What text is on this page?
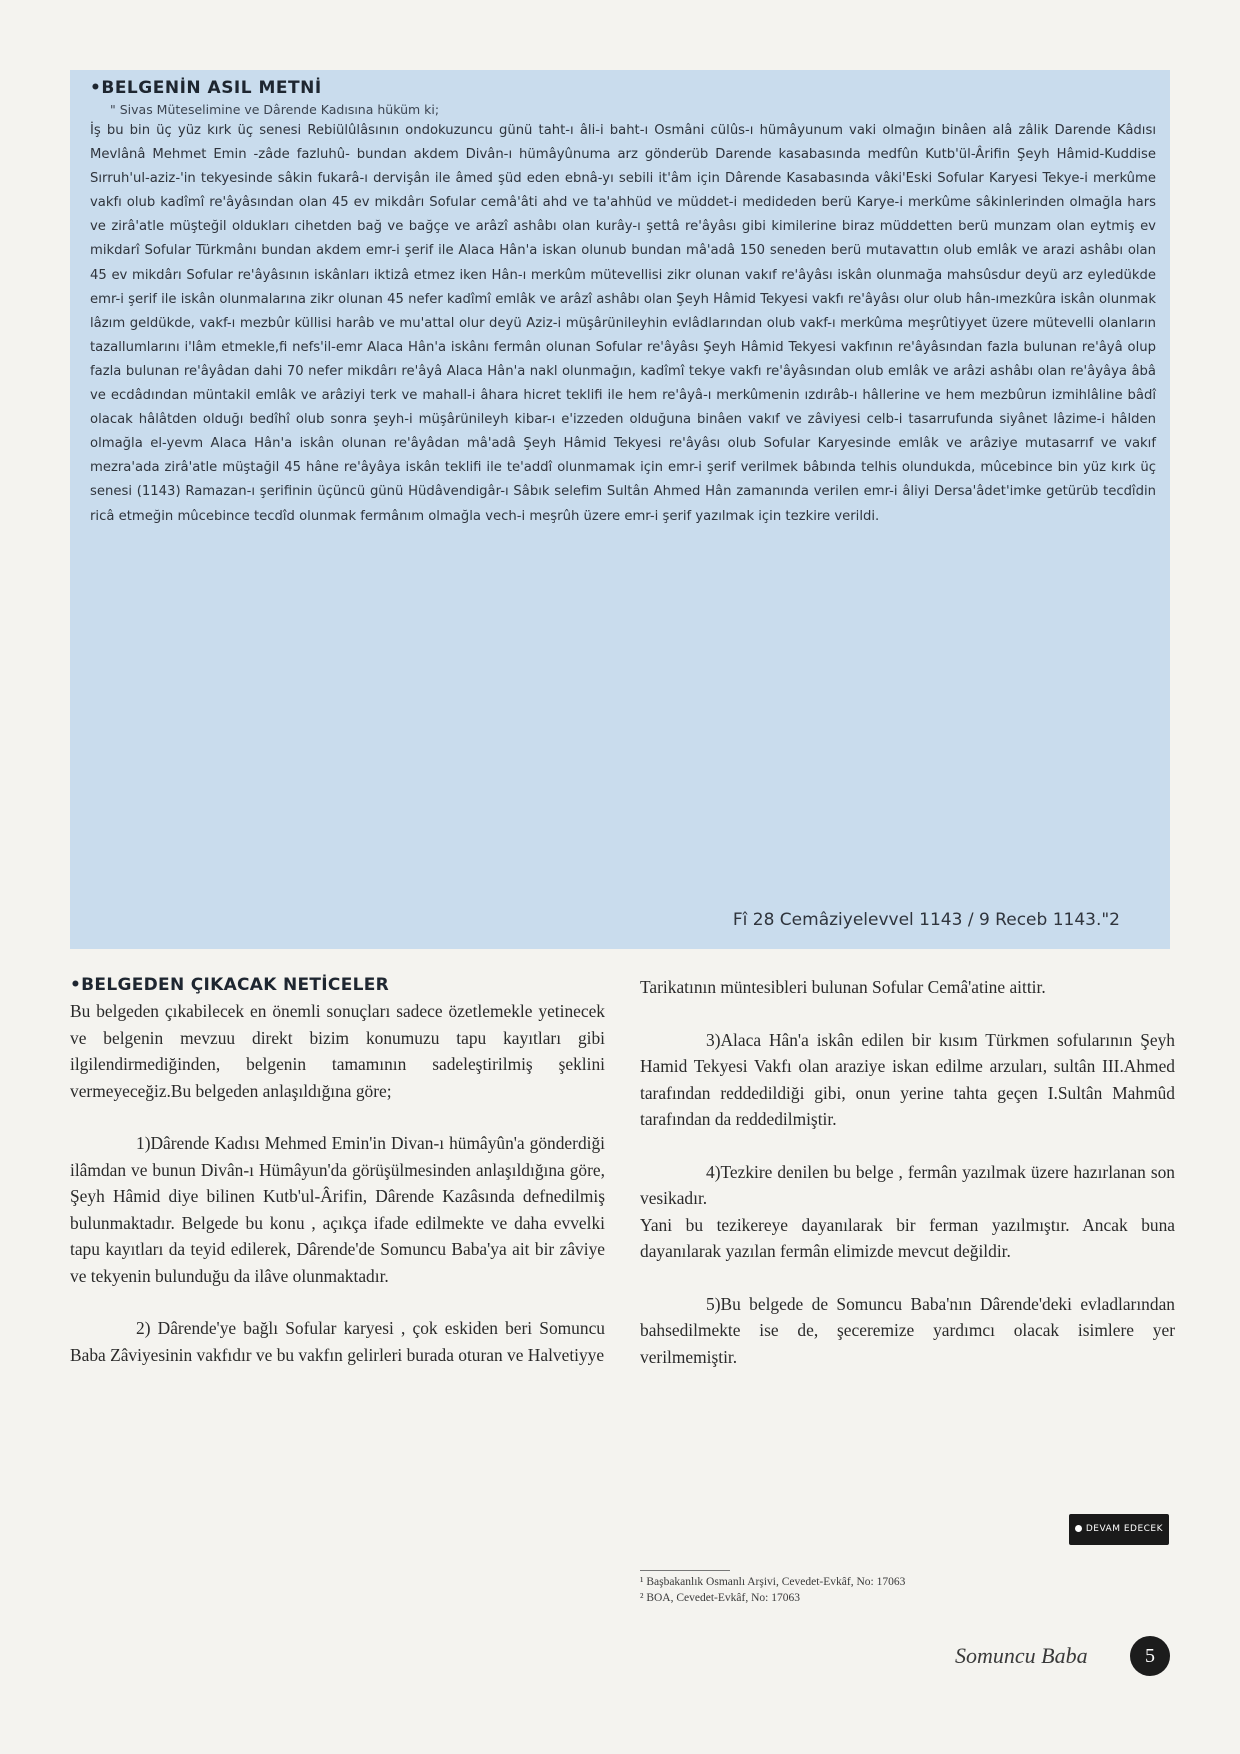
•BELGENİN ASIL METNİ
" Sivas Müteselimine ve Dârende Kadısına hüküm ki;

İş bu bin üç yüz kırk üç senesi Rebiülûlâsının ondokuzuncu günü taht-ı âli-i baht-ı Osmâni cülûs-ı hümâyunum vaki olmağın binâen alâ zâlik Darende Kâdısı Mevlânâ Mehmet Emin -zâde fazluhû- bundan akdem Divân-ı hümâyûnuma arz gönderüb Darende kasabasında medfûn Kutb'ül-Ârifin Şeyh Hâmid-Kuddise Sırruh'ul-aziz-'in tekyesinde sâkin fukarâ-ı dervişân ile âmed şüd eden ebnâ-yı sebili it'âm için Dârende Kasabasında vâki'Eski Sofular Karyesi Tekye-i merkûme vakfı olub kadîmî re'âyâsından olan 45 ev mikdârı Sofular cemâ'âti ahd ve ta'ahhüd ve müddet-i medideden berü Karye-i merkûme sâkinlerinden olmağla hars ve zirâ'atle müşteğil oldukları cihetden bağ ve bağçe ve arâzî ashâbı olan kurây-ı şettâ re'âyâsı gibi kimilerine biraz müddetten berü munzam olan eytmiş ev mikdarî Sofular Türkmânı bundan akdem emr-i şerif ile Alaca Hân'a iskan olunub bundan mâ'adâ 150 seneden berü mutavattın olub emlâk ve arazi ashâbı olan 45 ev mikdârı Sofular re'âyâsının iskânları iktizâ etmez iken Hân-ı merkûm mütevellisi zikr olunan vakıf re'âyâsı iskân olunmağa mahsûsdur deyü arz eyledükde emr-i şerif ile iskân olunmalarına zikr olunan 45 nefer kadîmî emlâk ve arâzî ashâbı olan Şeyh Hâmid Tekyesi vakfı re'âyâsı olur olub hân-ımezkûra iskân olunmak lâzım geldükde, vakf-ı mezbûr küllisi harâb ve mu'attal olur deyü Aziz-i müşârünileyhin evlâdlarından olub vakf-ı merkûma meşrûtiyyet üzere mütevelli olanların tazallumlarını i'lâm etmekle,fi nefs'il-emr Alaca Hân'a iskânı fermân olunan Sofular re'âyâsı Şeyh Hâmid Tekyesi vakfının re'âyâsından fazla bulunan re'âyâ olup fazla bulunan re'âyâdan dahi 70 nefer mikdârı re'âyâ Alaca Hân'a nakl olunmağın, kadîmî tekye vakfı re'âyâsından olub emlâk ve arâzi ashâbı olan re'âyâya âbâ ve ecdâdından müntakil emlâk ve arâziyi terk ve mahall-i âhara hicret teklifi ile hem re'âyâ-ı merkûmenin ızdırâb-ı hâllerine ve hem mezbûrun izmihlâline bâdî olacak hâlâtden olduğı bedîhî olub sonra şeyh-i müşârünileyh kibar-ı e'izzeden olduğuna binâen vakıf ve zâviyesi celb-i tasarrufunda siyânet lâzime-i hâlden olmağla el-yevm Alaca Hân'a iskân olunan re'âyâdan mâ'adâ Şeyh Hâmid Tekyesi re'âyâsı olub Sofular Karyesinde emlâk ve arâziye mutasarrıf ve vakıf mezra'ada zirâ'atle müştağil 45 hâne re'âyâya iskân teklifi ile te'addî olunmamak için emr-i şerif verilmek bâbında telhis olundukda, mûcebince bin yüz kırk üç senesi (1143) Ramazan-ı şerifinin üçüncü günü Hüdâvendigâr-ı Sâbık selefim Sultân Ahmed Hân zamanında verilen emr-i âliyi Dersa'âdet'imke getürüb tecdîdin ricâ etmeğin mûcebince tecdîd olunmak fermânım olmağla vech-i meşrûh üzere emr-i şerif yazılmak için tezkire verildi.

Fî 28 Cemâziyelevvel 1143 / 9 Receb 1143."2
•BELGEDEN ÇIKACAK NETİCELER

Bu belgeden çıkabilecek en önemli sonuçları sadece özetlemekle yetinecek ve belgenin mevzuu direkt bizim konumuzu tapu kayıtları gibi ilgilendirmediğinden, belgenin tamamının sadeleştirilmiş şeklini vermeyeceğiz.Bu belgeden anlaşıldığına göre;

1)Dârende Kadısı Mehmed Emin'in Divan-ı hümâyûn'a gönderdiği ilâmdan ve bunun Divân-ı Hümâyun'da görüşülmesinden anlaşıldığına göre, Şeyh Hâmid diye bilinen Kutb'ul-Ârifin, Dârende Kazâsında defnedilmiş bulunmaktadır. Belgede bu konu , açıkça ifade edilmekte ve daha evvelki tapu kayıtları da teyid edilerek, Dârende'de Somuncu Baba'ya ait bir zâviye ve tekyenin bulunduğu da ilâve olunmaktadır.

2) Dârende'ye bağlı Sofular karyesi , çok eskiden beri Somuncu Baba Zâviyesinin vakfıdır ve bu vakfın gelirleri burada oturan ve Halvetiyye

Tarikatının müntesibleri bulunan Sofular Cemâ'atine aittir.

3)Alaca Hân'a iskân edilen bir kısım Türkmen sofularının Şeyh Hamid Tekyesi Vakfı olan araziye iskan edilme arzuları, sultân III.Ahmed tarafından reddedildiği gibi, onun yerine tahta geçen I.Sultân Mahmûd tarafından da reddedilmiştir.

4)Tezkire denilen bu belge , fermân yazılmak üzere hazırlanan son vesikadır.

Yani bu tezikereye dayanılarak bir ferman yazılmıştır. Ancak buna dayanılarak yazılan fermân elimizde mevcut değildir.

5)Bu belgede de Somuncu Baba'nın Dârende'deki evladlarından bahsedilmekte ise de, şeceremize yardımcı olacak isimlere yer verilmemiştir.

DEVAM EDECEK

¹ Başbakanlık Osmanlı Arşivi, Cevedet-Evkâf, No: 17063

² BOA, Cevedet-Evkâf, No: 17063

Somuncu Baba	5
